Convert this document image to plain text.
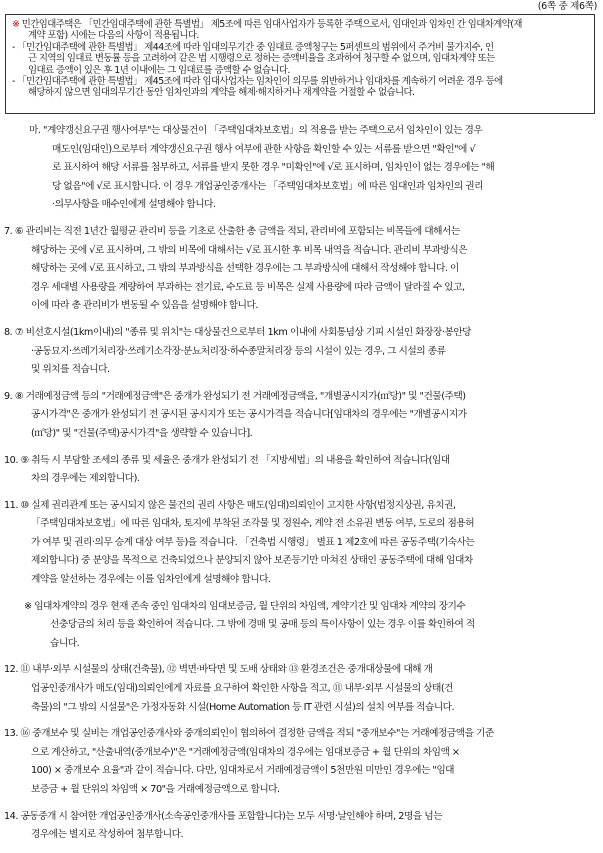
(6쪽 중 제6쪽)
※ 민간임대주택은 「민간임대주택에 관한 특별법」 제5조에 따른 임대사업자가 등록한 주택으로서, 임대인과 임차인 간 임대차계약(재
계약 포함) 시에는 다음의 사항이 적용됩니다.
- 「민간임대주택에 관한 특별법」 제44조에 따라 임대의무기간 중 임대료 증액청구는 5퍼센트의 범위에서 주거비 물가지수, 인
근 지역의 임대료 변동률 등을 고려하여 같은 법 시행령으로 정하는 증액비율을 초과하여 청구할 수 없으며, 임대차계약 또는
임대료 증액이 있은 후 1년 이내에는 그 임대료를 증액할 수 없습니다.
- 「민간임대주택에 관한 특별법」 제45조에 따라 임대사업자는 임차인이 의무를 위반하거나 임대차를 계속하기 어려운 경우 등에
해당하지 않으면 임대의무기간 동안 임차인과의 계약을 해제·해지하거나 재계약을 거절할 수 없습니다.
마. "계약갱신요구권 행사여부"는 대상물건이 「주택임대차보호법」의 적용을 받는 주택으로서 임차인이 있는 경우
매도인(임대인)으로부터 계약갱신요구권 행사 여부에 관한 사항을 확인할 수 있는 서류를 받으면 "확인"에 √
로 표시하여 해당 서류를 첨부하고, 서류를 받지 못한 경우 "미확인"에 √로 표시하며, 임차인이 없는 경우에는 "해
당 없음"에 √로 표시합니다. 이 경우 개업공인중개사는 「주택임대차보호법」에 따른 임대인과 임차인의 권리
·의무사항을 매수인에게 설명해야 합니다.
7. ⑥ 관리비는 직전 1년간 월평균 관리비 등을 기초로 산출한 총 금액을 적되, 관리비에 포함되는 비목들에 대해서는
해당하는 곳에 √로 표시하며, 그 밖의 비목에 대해서는 √로 표시한 후 비목 내역을 적습니다. 관리비 부과방식은
해당하는 곳에 √로 표시하고, 그 밖의 부과방식을 선택한 경우에는 그 부과방식에 대해서 작성해야 합니다. 이
경우 세대별 사용량을 계량하여 부과하는 전기료, 수도료 등 비목은 실제 사용량에 따라 금액이 달라질 수 있고,
이에 따라 총 관리비가 변동될 수 있음을 설명해야 합니다.
8. ⑦ 비선호시설(1km이내)의 "종류 및 위치"는 대상물건으로부터 1km 이내에 사회통념상 기피 시설인 화장장·봉안당
·공동묘지·쓰레기처리장·쓰레기소각장·분뇨처리장·하수종말처리장 등의 시설이 있는 경우, 그 시설의 종류
및 위치를 적습니다.
9. ⑧ 거래예정금액 등의 "거래예정금액"은 중개가 완성되기 전 거래예정금액을, "개별공시지가(㎡당)" 및 "건물(주택)
공시가격"은 중개가 완성되기 전 공시된 공시지가 또는 공시가격을 적습니다[임대차의 경우에는 "개별공시지가
(㎡당)" 및 "건물(주택)공시가격"을 생략할 수 있습니다].
10. ⑨ 취득 시 부담할 조세의 종류 및 세율은 중개가 완성되기 전 「지방세법」의 내용을 확인하여 적습니다(임대
차의 경우에는 제외합니다).
11. ⑩ 실제 권리관계 또는 공시되지 않은 물건의 권리 사항은 매도(임대)의뢰인이 고지한 사항(법정지상권, 유치권,
「주택임대차보호법」에 따른 임대차, 토지에 부착된 조각물 및 정원수, 계약 전 소유권 변동 여부, 도로의 점용허
가 여부 및 권리·의무 승계 대상 여부 등)을 적습니다. 「건축법 시행령」 별표 1 제2호에 따른 공동주택(기숙사는
제외합니다) 중 분양을 목적으로 건축되었으나 분양되지 않아 보존등기만 마쳐진 상태인 공동주택에 대해 임대차
계약을 알선하는 경우에는 이를 임차인에게 설명해야 합니다.
※ 임대차계약의 경우 현재 존속 중인 임대차의 임대보증금, 월 단위의 차임액, 계약기간 및 임대차 계약의 장기수
선충당금의 처리 등을 확인하여 적습니다. 그 밖에 경매 및 공매 등의 특이사항이 있는 경우 이를 확인하여 적
습니다.
12. ⑪ 내부·외부 시설물의 상태(건축물), ⑫ 벽면·바닥면 및 도배 상태와 ⑬ 환경조건은 중개대상물에 대해 개
업공인중개사가 매도(임대)의뢰인에게 자료를 요구하여 확인한 사항을 적고, ⑪ 내부·외부 시설물의 상태(건
축물)의 "그 밖의 시설물"은 가정자동화 시설(Home Automation 등 IT 관련 시설)의 설치 여부를 적습니다.
13. ⑯ 중개보수 및 실비는 개업공인중개사와 중개의뢰인이 협의하여 결정한 금액을 적되 "중개보수"는 거래예정금액을 기준
으로 계산하고, "산출내역(중개보수)"은 "거래예정금액(임대차의 경우에는 임대보증금 + 월 단위의 차임액 ×
100) × 중개보수 요율"과 같이 적습니다. 다만, 임대차로서 거래예정금액이 5천만원 미만인 경우에는 "임대
보증금 + 월 단위의 차임액 × 70"을 거래예정금액으로 합니다.
14. 공동중개 시 참여한 개업공인중개사(소속공인중개사를 포함합니다)는 모두 서명·날인해야 하며, 2명을 넘는
경우에는 별지로 작성하여 첨부합니다.
